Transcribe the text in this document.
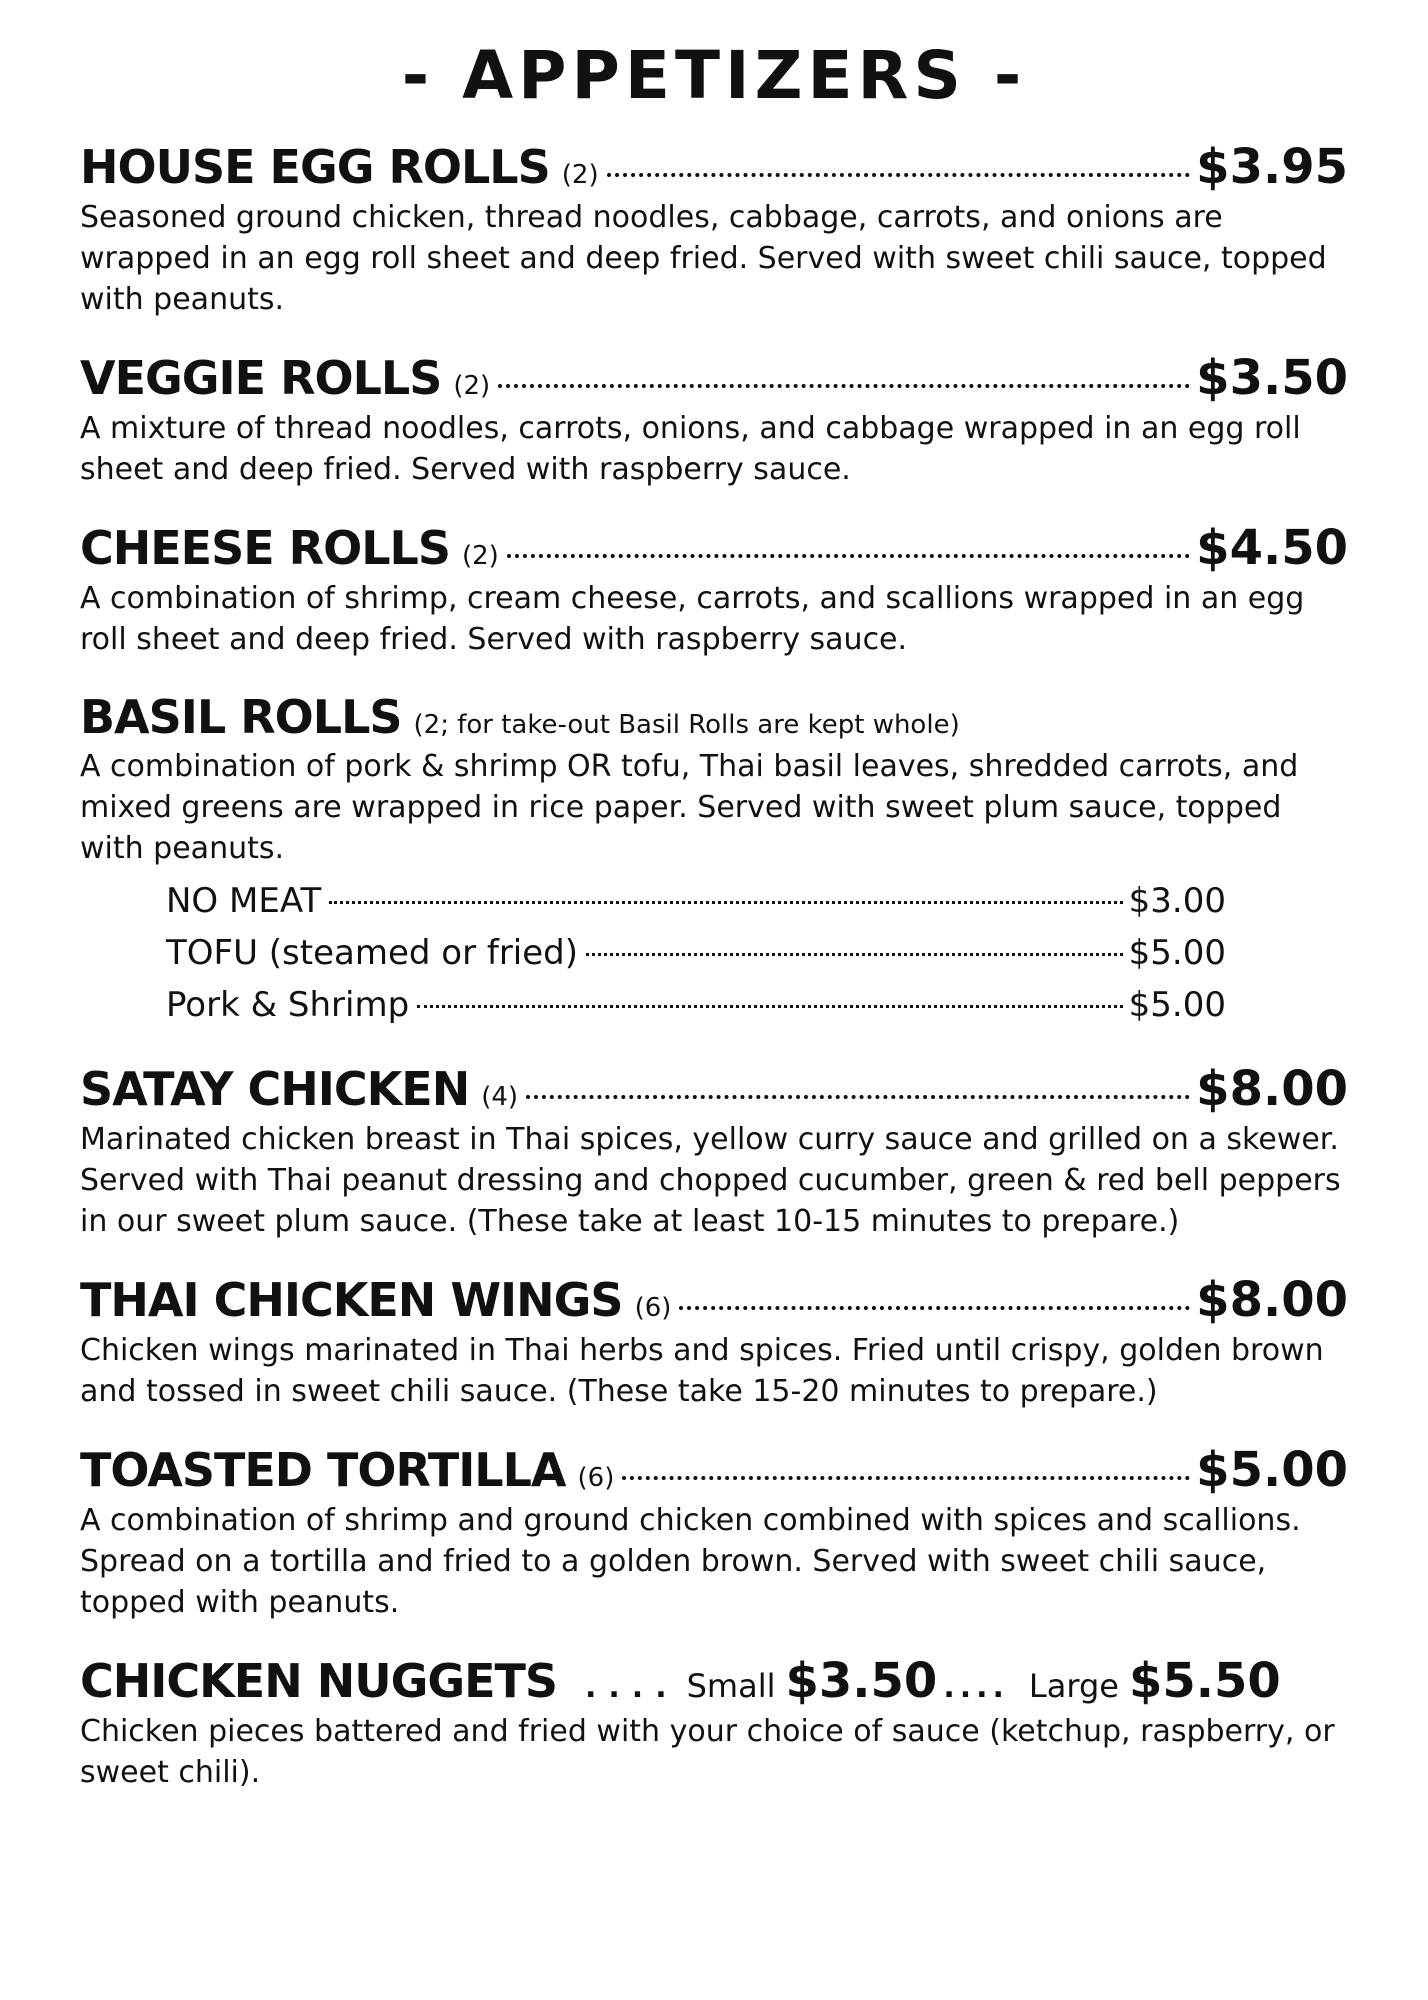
- APPETIZERS -
HOUSE EGG ROLLS (2)	$3.95
Seasoned ground chicken, thread noodles, cabbage, carrots, and onions are wrapped in an egg roll sheet and deep fried. Served with sweet chili sauce, topped with peanuts.
VEGGIE ROLLS (2)	$3.50
A mixture of thread noodles, carrots, onions, and cabbage wrapped in an egg roll sheet and deep fried. Served with raspberry sauce.
CHEESE ROLLS (2)	$4.50
A combination of shrimp, cream cheese, carrots, and scallions wrapped in an egg roll sheet and deep fried. Served with raspberry sauce.
BASIL ROLLS (2; for take-out Basil Rolls are kept whole)
A combination of pork & shrimp OR tofu, Thai basil leaves, shredded carrots, and mixed greens are wrapped in rice paper. Served with sweet plum sauce, topped with peanuts.
NO MEAT	$3.00
TOFU (steamed or fried)	$5.00
Pork & Shrimp	$5.00
SATAY CHICKEN (4)	$8.00
Marinated chicken breast in Thai spices, yellow curry sauce and grilled on a skewer. Served with Thai peanut dressing and chopped cucumber, green & red bell peppers in our sweet plum sauce. (These take at least 10-15 minutes to prepare.)
THAI CHICKEN WINGS (6)	$8.00
Chicken wings marinated in Thai herbs and spices. Fried until crispy, golden brown and tossed in sweet chili sauce. (These take 15-20 minutes to prepare.)
TOASTED TORTILLA (6)	$5.00
A combination of shrimp and ground chicken combined with spices and scallions. Spread on a tortilla and fried to a golden brown. Served with sweet chili sauce, topped with peanuts.
CHICKEN NUGGETS .... Small $3.50 .... Large $5.50
Chicken pieces battered and fried with your choice of sauce (ketchup, raspberry, or sweet chili).
